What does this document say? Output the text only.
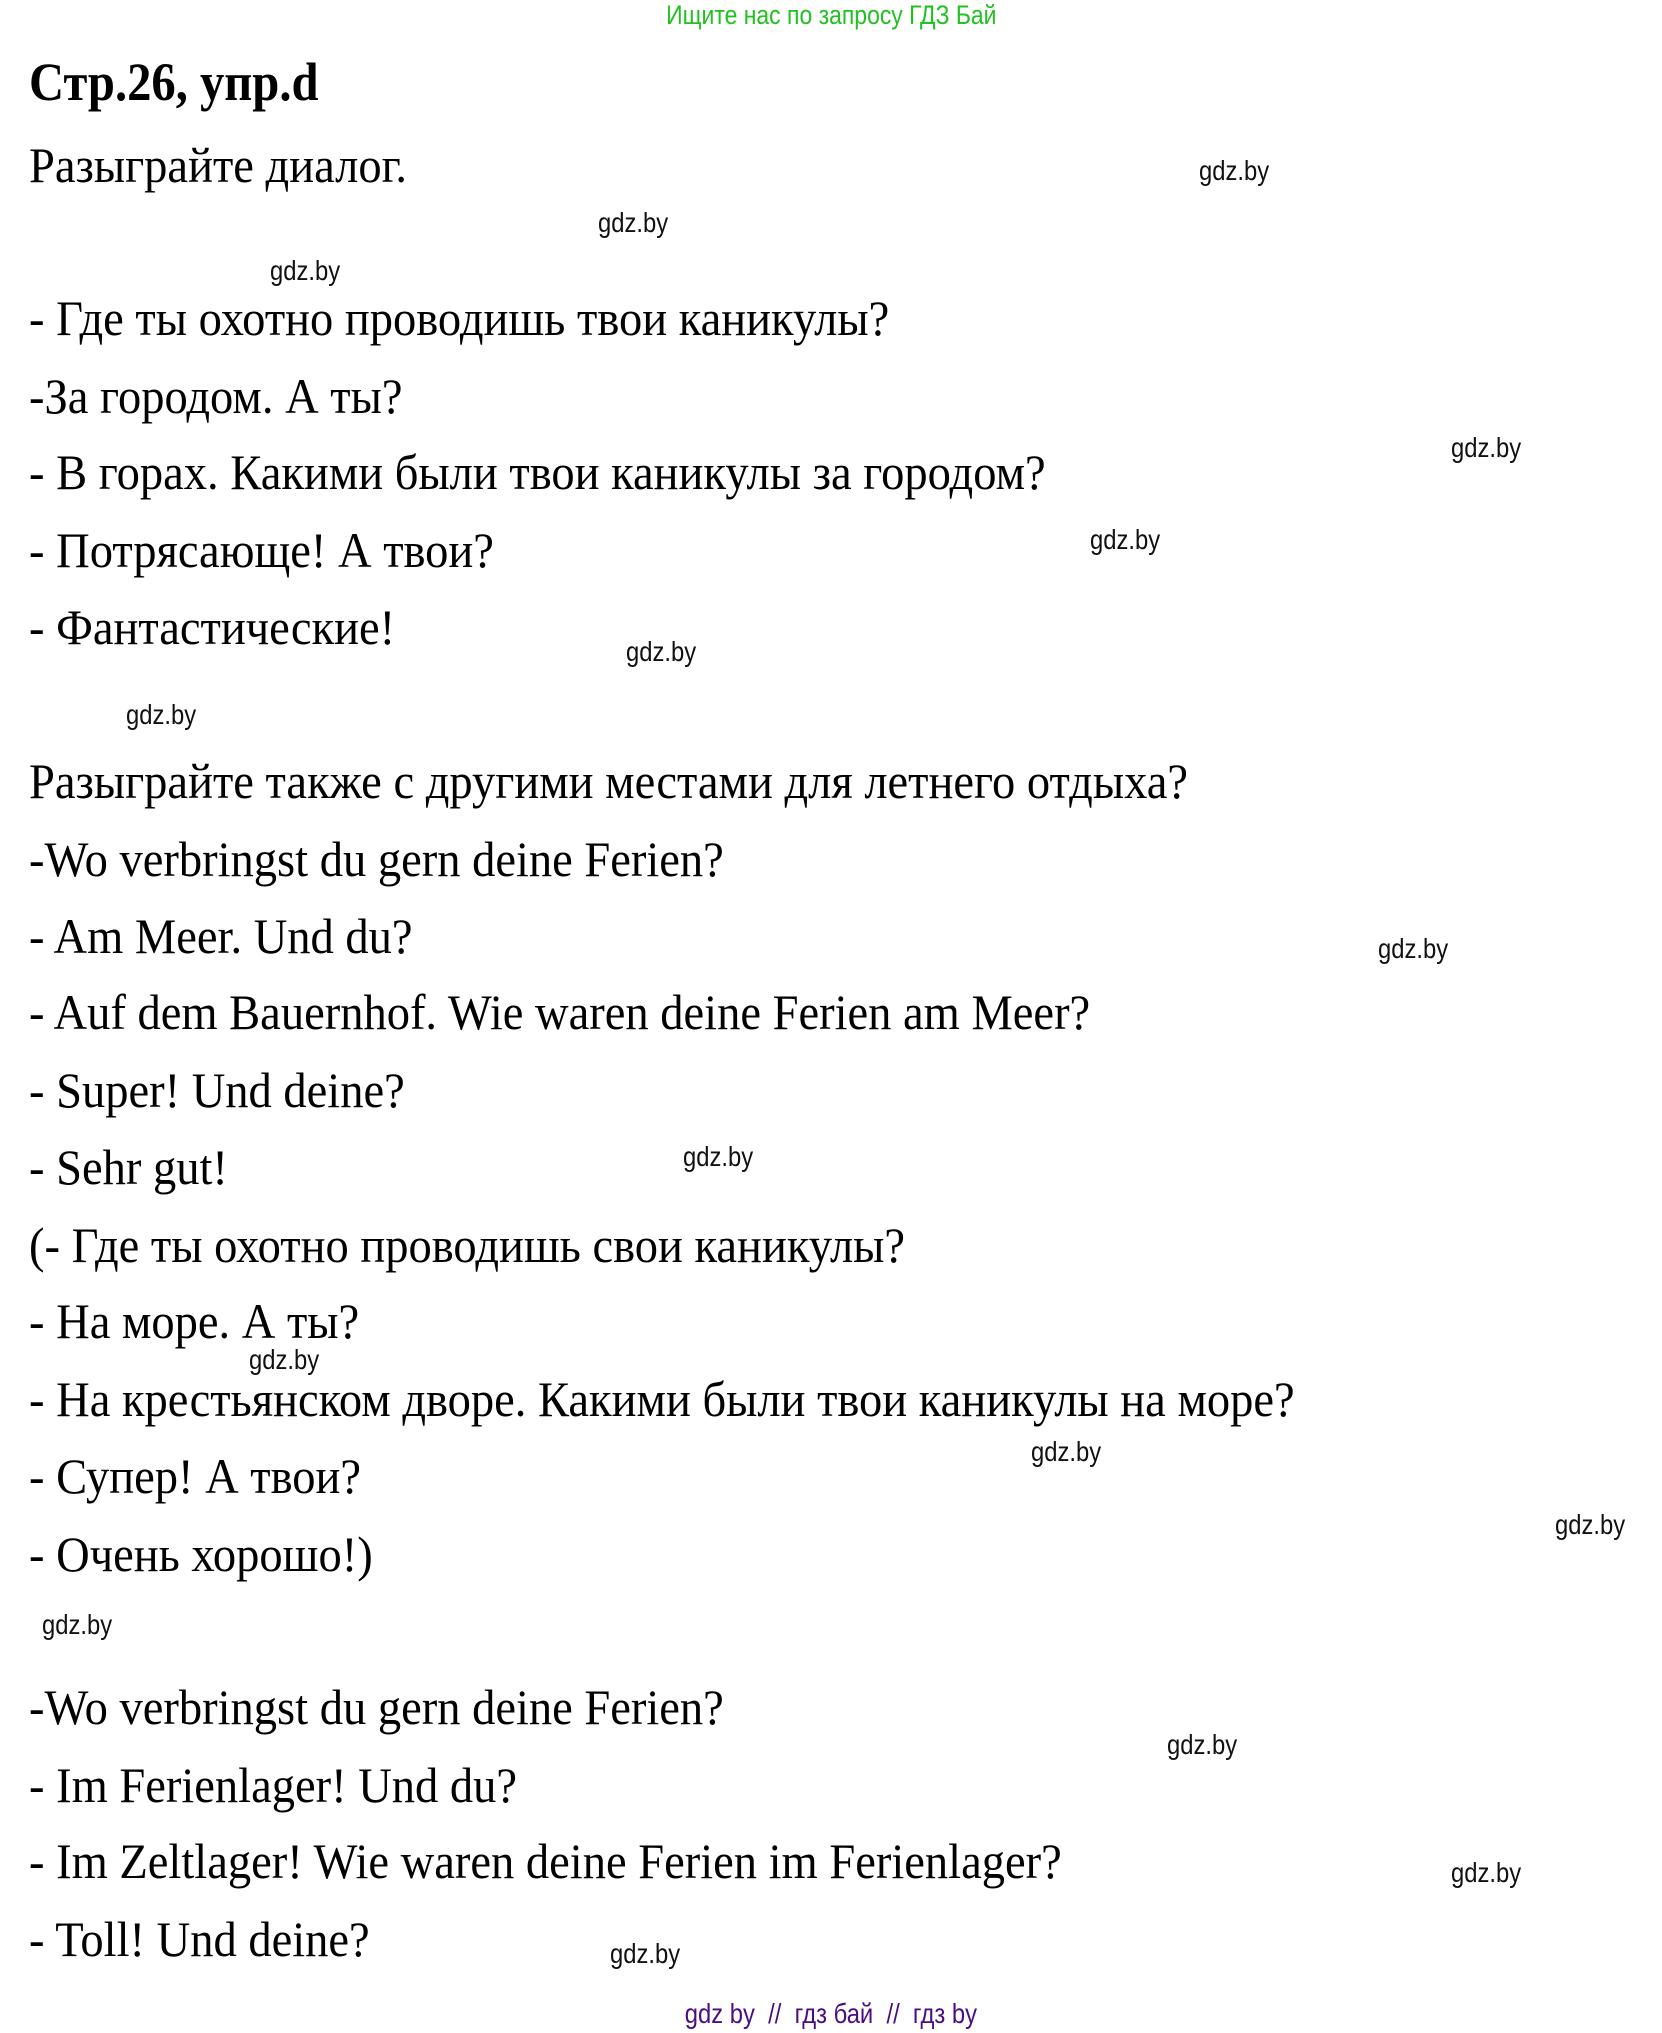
Ищите нас по запросу ГДЗ Бай
Стр.26, упр.d
Разыграйте диалог.
- Где ты охотно проводишь твои каникулы?
-За городом. А ты?
- В горах. Какими были твои каникулы за городом?
- Потрясающе! А твои?
- Фантастические!
Разыграйте также с другими местами для летнего отдыха?
-Wo verbringst du gern deine Ferien?
- Am Meer. Und du?
- Auf dem Bauernhof. Wie waren deine Ferien am Meer?
- Super! Und deine?
- Sehr gut!
(- Где ты охотно проводишь свои каникулы?
- На море. А ты?
- На крестьянском дворе. Какими были твои каникулы на море?
- Супер! А твои?
- Очень хорошо!)
-Wo verbringst du gern deine Ferien?
- Im Ferienlager! Und du?
- Im Zeltlager! Wie waren deine Ferien im Ferienlager?
- Toll! Und deine?
gdz.by
gdz.by
gdz.by
gdz.by
gdz.by
gdz.by
gdz.by
gdz.by
gdz.by
gdz.by
gdz.by
gdz.by
gdz.by
gdz.by
gdz.by
gdz.by
gdz by  //  гдз бай  //  гдз by
